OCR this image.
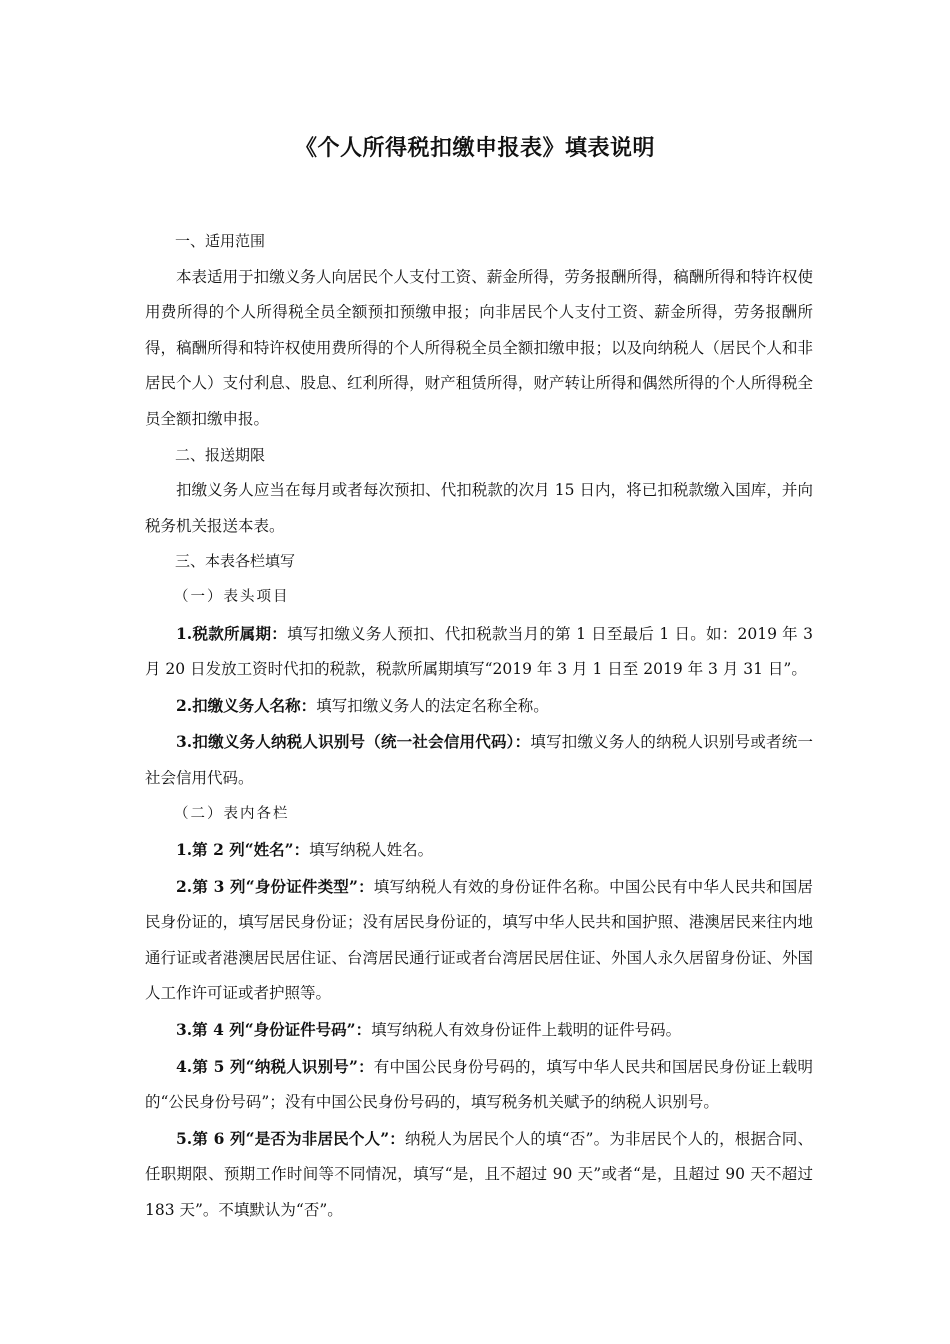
《个人所得税扣缴申报表》填表说明

一、适用范围

本表适用于扣缴义务人向居民个人支付工资、薪金所得，劳务报酬所得，稿酬所得和特许权使用费所得的个人所得税全员全额预扣预缴申报；向非居民个人支付工资、薪金所得，劳务报酬所得，稿酬所得和特许权使用费所得的个人所得税全员全额扣缴申报；以及向纳税人（居民个人和非居民个人）支付利息、股息、红利所得，财产租赁所得，财产转让所得和偶然所得的个人所得税全员全额扣缴申报。

二、报送期限

扣缴义务人应当在每月或者每次预扣、代扣税款的次月 15 日内，将已扣税款缴入国库，并向税务机关报送本表。

三、本表各栏填写

（一）表头项目

1.税款所属期：填写扣缴义务人预扣、代扣税款当月的第 1 日至最后 1 日。如：2019 年 3 月 20 日发放工资时代扣的税款，税款所属期填写“2019 年 3 月 1 日至 2019 年 3 月 31 日”。

2.扣缴义务人名称：填写扣缴义务人的法定名称全称。

3.扣缴义务人纳税人识别号（统一社会信用代码）：填写扣缴义务人的纳税人识别号或者统一社会信用代码。

（二）表内各栏

1.第 2 列“姓名”：填写纳税人姓名。

2.第 3 列“身份证件类型”：填写纳税人有效的身份证件名称。中国公民有中华人民共和国居民身份证的，填写居民身份证；没有居民身份证的，填写中华人民共和国护照、港澳居民来往内地通行证或者港澳居民居住证、台湾居民通行证或者台湾居民居住证、外国人永久居留身份证、外国人工作许可证或者护照等。

3.第 4 列“身份证件号码”：填写纳税人有效身份证件上载明的证件号码。

4.第 5 列“纳税人识别号”：有中国公民身份号码的，填写中华人民共和国居民身份证上载明的“公民身份号码”；没有中国公民身份号码的，填写税务机关赋予的纳税人识别号。

5.第 6 列“是否为非居民个人”：纳税人为居民个人的填“否”。为非居民个人的，根据合同、任职期限、预期工作时间等不同情况，填写“是，且不超过 90 天”或者“是，且超过 90 天不超过 183 天”。不填默认为“否”。
